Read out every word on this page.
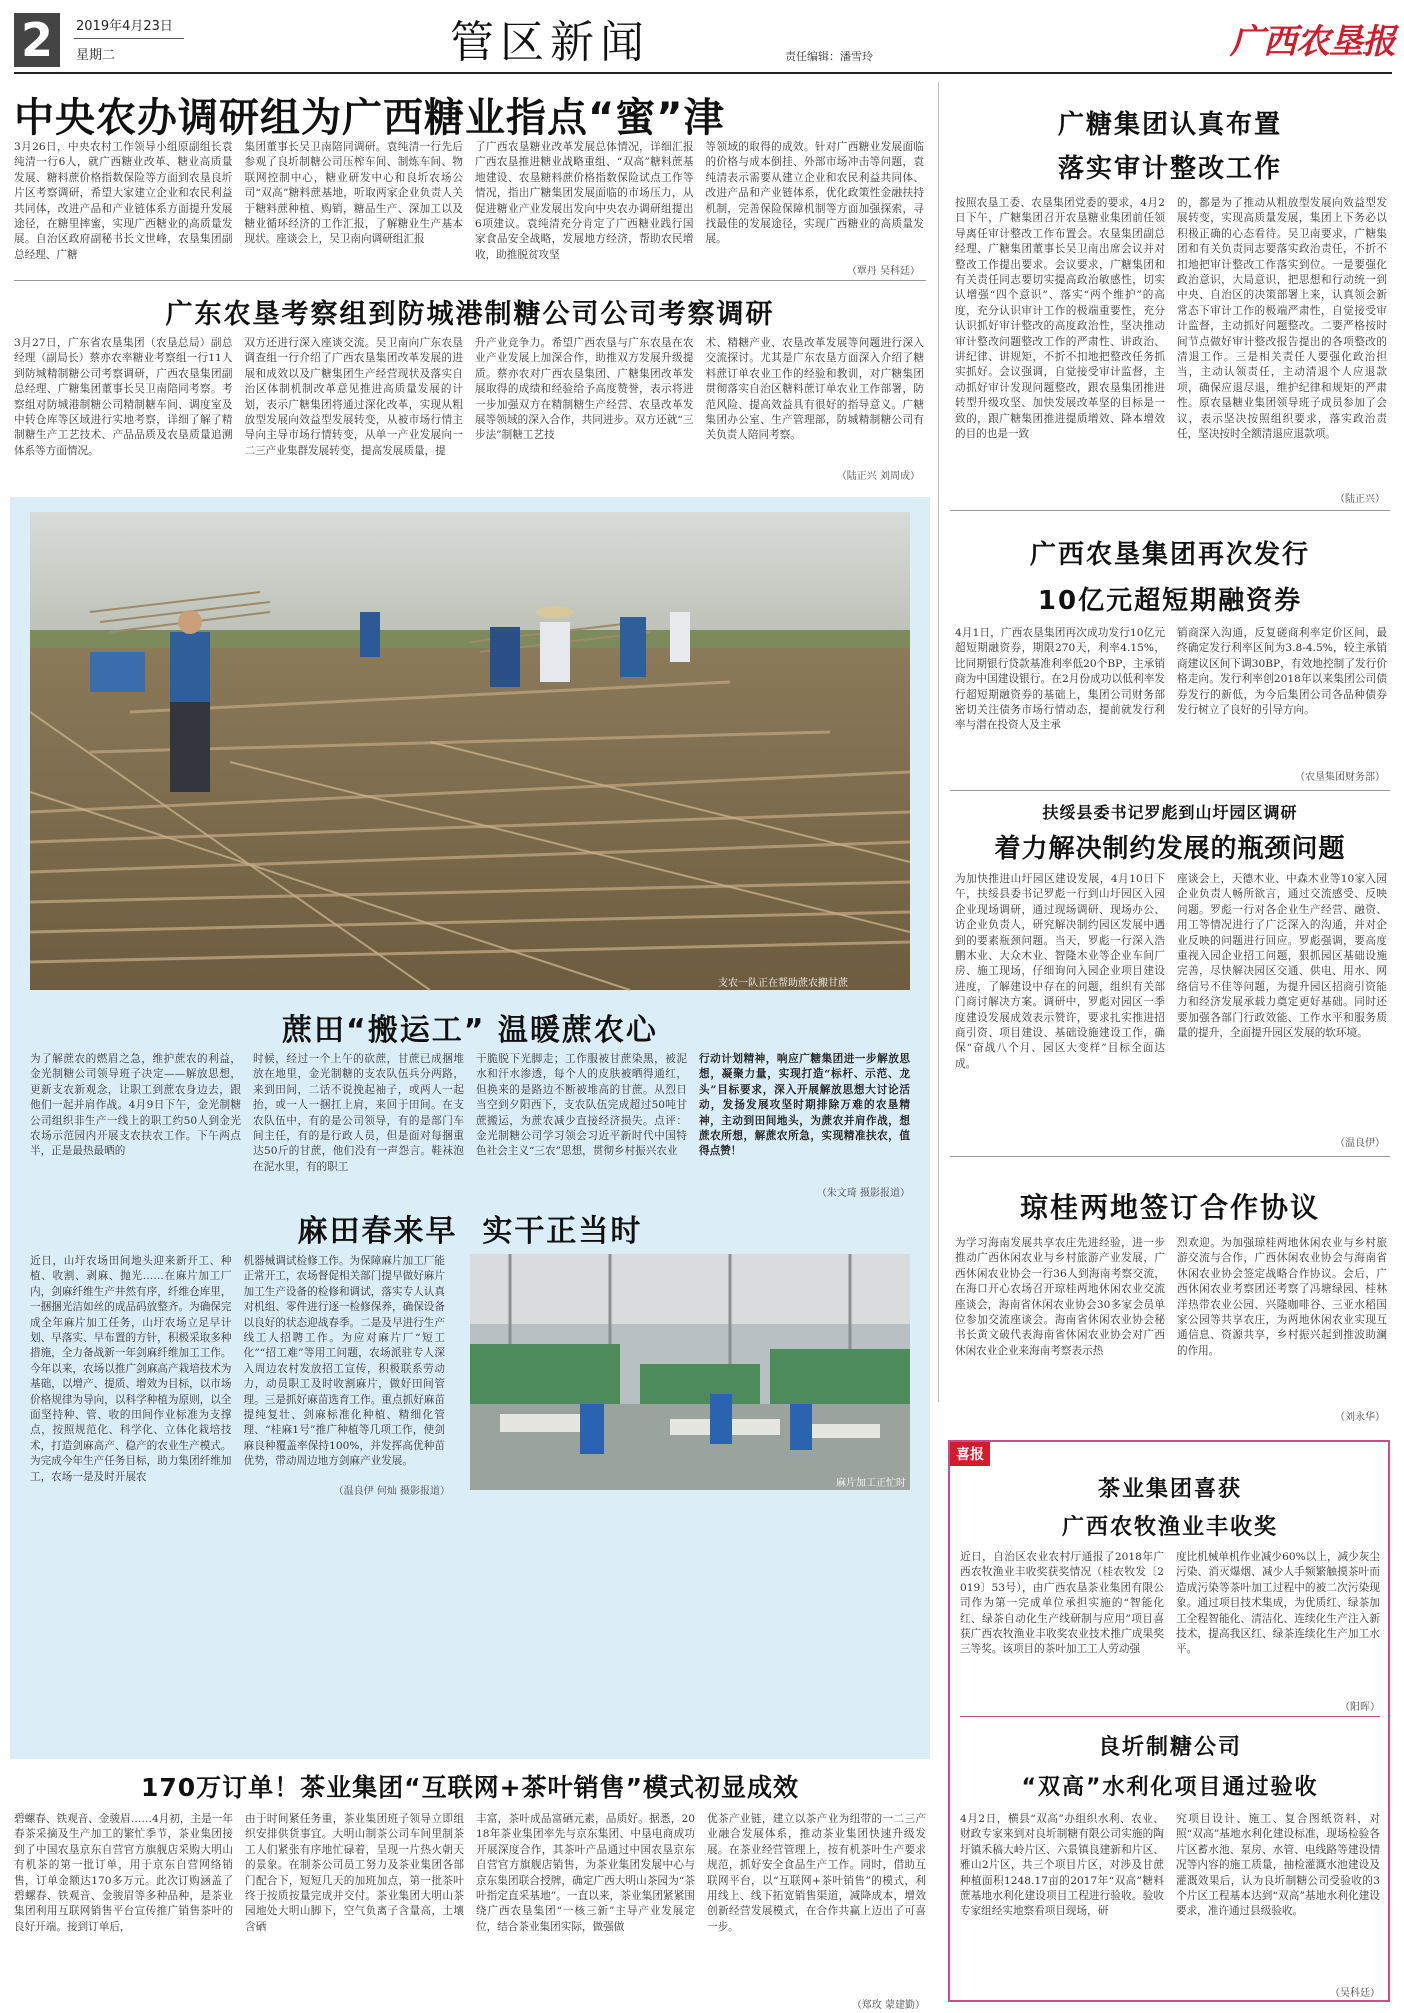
2	2019年4月23日
星期二	管区新闻	责任编辑：潘雪玲	广西农垦报
中央农办调研组为广西糖业指点“蜜”津

3月26日，中央农村工作领导小组原副组长袁纯清一行6人，就广西糖业改革、糖业高质量发展、糖料蔗价格指数保险等方面到农垦良圻片区考察调研，希望大家建立企业和农民利益共同体，改进产品和产业链体系方面提升发展途径，在糖里摔蜜，实现广西糖业的高质量发展。自治区政府副秘书长文世峰，农垦集团副总经理、广糖

集团董事长吴卫南陪同调研。袁纯清一行先后参观了良圻制糖公司压榨车间、制炼车间、物联网控制中心，糖业研发中心和良圻农场公司“双高”糖料蔗基地，听取两家企业负责人关于糖料蔗种植、购销，糖品生产、深加工以及糖业循环经济的工作汇报，了解糖业生产基本现状。座谈会上，吴卫南向调研组汇报

了广西农垦糖业改革发展总体情况，详细汇报广西农垦推进糖业战略重组、“双高”糖料蔗基地建设、农垦糖料蔗价格指数保险试点工作等情况，指出广糖集团发展面临的市场压力，从促进糖业产业发展出发向中央农办调研组提出6项建议。袁纯清充分肯定了广西糖业践行国家食品安全战略，发展地方经济，帮助农民增收，助推脱贫攻坚

等领域的取得的成效。针对广西糖业发展面临的价格与成本倒挂、外部市场冲击等问题，袁纯清表示需要从建立企业和农民利益共同体、改进产品和产业链体系，优化政策性金融扶持机制，完善保险保障机制等方面加强探索，寻找最佳的发展途径，实现广西糖业的高质量发展。

（覃丹 吴科廷）
广东农垦考察组到防城港制糖公司公司考察调研

3月27日，广东省农垦集团（农垦总局）副总经理（副局长）蔡亦农率糖业考察组一行11人到防城精制糖公司考察调研，广西农垦集团副总经理、广糖集团董事长吴卫南陪同考察。考察组对防城港制糖公司精制糖车间、调度室及中转仓库等区域进行实地考察，详细了解了精制糖生产工艺技术、产品品质及农垦质量追溯体系等方面情况。

双方还进行深入座谈交流。吴卫南向广东农垦调查组一行介绍了广西农垦集团改革发展的进展和成效以及广糖集团生产经营现状及落实自治区体制机制改革意见推进高质量发展的计划，表示广糖集团将通过深化改革，实现从粗放型发展向效益型发展转变，从被市场行情主导向主导市场行情转变，从单一产业发展向一二三产业集群发展转变，提高发展质量，提

升产业竞争力。希望广西农垦与广东农垦在农业产业发展上加深合作，助推双方发展升级提质。蔡亦农对广西农垦集团、广糖集团改革发展取得的成绩和经验给予高度赞誉，表示将进一步加强双方在精制糖生产经营、农垦改革发展等领域的深入合作，共同进步。双方还就“三步法”制糖工艺技

术、精糖产业、农垦改革发展等问题进行深入交流探讨。尤其是广东农垦方面深入介绍了糖料蔗订单农业工作的经验和教训，对广糖集团贯彻落实自治区糖料蔗订单农业工作部署，防范风险、提高效益具有很好的指导意义。广糖集团办公室、生产管理部，防城精制糖公司有关负责人陪同考察。

（陆正兴 刘周成）
支农一队正在帮助蔗农搬甘蔗
蔗田“搬运工” 温暖蔗农心

为了解蔗农的燃眉之急，维护蔗农的利益，金光制糖公司领导班子决定——解放思想，更新支农新观念，让职工到蔗农身边去，跟他们一起并肩作战。4月9日下午，金光制糖公司组织非生产一线上的职工约50人到金光农场示范园内开展支农扶农工作。下午两点半，正是最热最晒的

时候，经过一个上午的砍蔗，甘蔗已成捆堆放在地里，金光制糖的支农队伍兵分两路，来到田间，二话不说挽起袖子，或两人一起抬，或一人一捆扛上肩，来回于田间。在支农队伍中，有的是公司领导，有的是部门车间主任，有的是行政人员，但是面对每捆重达50斤的甘蔗，他们没有一声怨言。鞋袜泡在泥水里，有的职工

干脆脱下光脚走；工作服被甘蔗染黑，被泥水和汗水渗透，每个人的皮肤被晒得通红，但换来的是路边不断被堆高的甘蔗。从烈日当空到夕阳西下，支农队伍完成超过50吨甘蔗搬运，为蔗农减少直接经济损失。点评：金光制糖公司学习领会习近平新时代中国特色社会主义“三农”思想，贯彻乡村振兴农业

行动计划精神，响应广糖集团进一步解放思想，凝聚力量，实现打造“标杆、示范、龙头”目标要求，深入开展解放思想大讨论活动，发扬发展攻坚时期排除万难的农垦精神，主动到田间地头，为蔗农并肩作战，想蔗农所想，解蔗农所急，实现精准扶农，值得点赞！

（朱文琦 摄影报道）
麻田春来早  实干正当时

近日，山圩农场田间地头迎来新开工、种植、收割、剥麻、抛光……在麻片加工厂内，剑麻纤维生产井然有序，纤维仓库里，一捆捆光洁如丝的成品码放整齐。为确保完成全年麻片加工任务，山圩农场立足早计划、早落实、早布置的方针，积极采取多种措施，全力备战新一年剑麻纤维加工工作。今年以来，农场以推广剑麻高产栽培技术为基础，以增产、提质、增效为目标，以市场价格规律为导向，以科学种植为原则，以全面坚持种、管、收的田间作业标准为支撑点，按照规范化、科学化、立体化栽培技术，打造剑麻高产、稳产的农业生产模式。为完成今年生产任务目标，助力集团纤维加工，农场一是及时开展农

机器械调试检修工作。为保障麻片加工厂能正常开工，农场督促相关部门提早做好麻片加工生产设备的检修和调试，落实专人认真对机组、零件进行逐一检修保养，确保设备以良好的状态迎战春季。二是及早进行生产线工人招聘工作。为应对麻片厂“短工化”“招工难”等用工问题，农场派驻专人深入周边农村发放招工宣传，积极联系劳动力，动员职工及时收割麻片，做好田间管理。三是抓好麻苗选育工作。重点抓好麻苗提纯复壮、剑麻标准化种植、精细化管理、“桂麻1号”推广种植等几项工作，使剑麻良种覆盖率保持100%，并发挥高优种苗优势，带动周边地方剑麻产业发展。

（温良伊 何灿 摄影报道）
麻片加工正忙时
170万订单！茶业集团“互联网+茶叶销售”模式初显成效

碧螺春、铁观音、金骏眉……4月初，主是一年春茶采摘及生产加工的繁忙季节，茶业集团接到了中国农垦京东自营官方旗舰店采购大明山有机茶的第一批订单，用于京东自营网络销售，订单金额达170多万元。此次订购涵盖了碧螺春、铁观音、金骏眉等多种品种，是茶业集团利用互联网销售平台宣传推广销售茶叶的良好开端。接到订单后，

由于时间紧任务重，茶业集团班子领导立即组织安排供货事宜。大明山制茶公司车间里制茶工人们紧张有序地忙碌着，呈现一片热火朝天的景象。在制茶公司员工努力及茶业集团各部门配合下，短短几天的加班加点，第一批茶叶终于按质按量完成并交付。茶业集团大明山茶园地处大明山脚下，空气负离子含量高，土壤含硒

丰富，茶叶成品富硒元素，品质好。据悉，2018年茶业集团率先与京东集团、中垦电商成功开展深度合作，其茶叶产品通过中国农垦京东自营官方旗舰店销售，为茶业集团发展中心与京东集团联合授牌，确定广西大明山茶园为“茶叶指定直采基地”。一直以来，茶业集团紧紧围绕广西农垦集团“一核三新”主导产业发展定位，结合茶业集团实际，做强做

优茶产业链，建立以茶产业为纽带的一二三产业融合发展体系，推动茶业集团快速升级发展。在茶业经营管理上，按有机茶叶生产要求规范，抓好安全食品生产工作。同时，借助互联网平台，以“互联网+茶叶销售”的模式，利用线上、线下拓宽销售渠道，减降成本，增效创新经营发展模式，在合作共赢上迈出了可喜一步。

（郑玫 蒙建勤）
广糖集团认真布置
落实审计整改工作

按照农垦工委、农垦集团党委的要求，4月2日下午，广糖集团召开农垦糖业集团前任领导离任审计整改工作布置会。农垦集团副总经理、广糖集团董事长吴卫南出席会议并对整改工作提出要求。会议要求，广糖集团和有关责任同志要切实提高政治敏感性，切实认增强“四个意识”、落实“两个维护”的高度，充分认识审计工作的极端重要性，充分认识抓好审计整改的高度政治性，坚决推动审计整改问题整改工作的严肃性、讲政治、讲纪律、讲规矩，不折不扣地把整改任务抓实抓好。会议强调，自觉接受审计监督，主动抓好审计发现问题整改，跟农垦集团推进转型升级攻坚、加快发展改革坚的目标是一致的，跟广糖集团推进提质增效、降本增效的目的也是一致

的，都是为了推动从粗放型发展向效益型发展转变，实现高质量发展，集团上下务必以积极正确的心态看待。吴卫南要求，广糖集团和有关负责同志要落实政治责任，不折不扣地把审计整改工作落实到位。一是要强化政治意识，大局意识，把思想和行动统一到中央、自治区的决策部署上来，认真领会新常态下审计工作的极端严肃性，自觉接受审计监督，主动抓好问题整改。二要严格按时间节点做好审计整改报告提出的各项整改的清退工作。三是相关责任人要强化政治担当，主动认领责任，主动清退个人应退款项，确保应退尽退，维护纪律和规矩的严肃性。原农垦糖业集团领导班子成员参加了会议，表示坚决按照组织要求，落实政治责任，坚决按时全额清退应退款项。

（陆正兴）
广西农垦集团再次发行
10亿元超短期融资券

4月1日，广西农垦集团再次成功发行10亿元超短期融资券，期限270天，利率4.15%，比同期银行贷款基准利率低20个BP，主承销商为中国建设银行。在2月份成功以低利率发行超短期融资券的基础上，集团公司财务部密切关注债务市场行情动态，提前就发行利率与潜在投资人及主承

销商深入沟通，反复磋商利率定价区间，最终确定发行利率区间为3.8-4.5%，较主承销商建议区间下调30BP，有效地控制了发行价格走向。发行利率创2018年以来集团公司债券发行的新低，为今后集团公司各品种债券发行树立了良好的引导方向。

（农垦集团财务部）
扶绥县委书记罗彪到山圩园区调研
着力解决制约发展的瓶颈问题

为加快推进山圩园区建设发展，4月10日下午，扶绥县委书记罗彪一行到山圩园区入园企业现场调研，通过现场调研、现场办公、访企业负责人，研究解决制约园区发展中遇到的要素瓶颈问题。当天，罗彪一行深入浩鹏木业、大众木业、智隆木业等企业车间厂房、施工现场，仔细询问入园企业项目建设进度，了解建设中存在的问题，组织有关部门商讨解决方案。调研中，罗彪对园区一季度建设发展成效表示赞许，要求扎实推进招商引资、项目建设、基础设施建设工作，确保“奋战八个月、园区大变样”目标全面达成。

座谈会上，天德木业、中森木业等10家入园企业负责人畅所欲言，通过交流感受、反映问题。罗彪一行对各企业生产经营、融资、用工等情况进行了广泛深入的沟通，并对企业反映的问题进行回应。罗彪强调，要高度重视入园企业招工问题，狠抓园区基础设施完善，尽快解决园区交通、供电、用水、网络信号不佳等问题，为提升园区招商引资能力和经济发展承载力奠定更好基础。同时还要加强各部门行政效能、工作水平和服务质量的提升，全面提升园区发展的软环境。

（温良伊）
琼桂两地签订合作协议

为学习海南发展共享农庄先进经验，进一步推动广西休闲农业与乡村旅游产业发展，广西休闲农业协会一行36人到海南考察交流，在海口开心农场召开琼桂两地休闲农业交流座谈会，海南省休闲农业协会30多家会员单位参加交流座谈会。海南省休闲农业协会秘书长黄文破代表海南省休闲农业协会对广西休闲农业企业来海南考察表示热

烈欢迎。为加强琼桂两地休闲农业与乡村旅游交流与合作，广西休闲农业协会与海南省休闲农业协会签定战略合作协议。会后，广西休闲农业考察团还考察了冯塘绿园、桂林洋热带农业公园、兴隆咖啡谷、三亚水稻国家公园等共享农庄，为两地休闲农业实现互通信息、资源共享，乡村振兴起到推波助澜的作用。

（刘永华）
喜报
茶业集团喜获
广西农牧渔业丰收奖

近日，自治区农业农村厅通报了2018年广西农牧渔业丰收奖获奖情况（桂农牧发〔2019〕53号），由广西农垦茶业集团有限公司作为第一完成单位承担实施的“智能化红、绿茶自动化生产线研制与应用”项目喜获广西农牧渔业丰收奖农业技术推广成果奖三等奖。该项目的茶叶加工工人劳动强

度比机械单机作业减少60%以上，减少灰尘污染、消灭爆烟、减少人手频繁触摸茶叶而造成污染等茶叶加工过程中的被二次污染现象。通过项目技术集成，为优质红、绿茶加工全程智能化、清洁化、连续化生产注入新技术，提高我区红、绿茶连续化生产加工水平。

（阳晖）
良圻制糖公司
“双高”水利化项目通过验收

4月2日，横县“双高”办组织水利、农业、财政专家来到对良圻制糖有限公司实施的陶圩镇禾稿大岭片区、六景镇良建新和片区、雅山2片区，共三个项目片区，对涉及甘蔗种植面积1248.17亩的2017年“双高”糖料蔗基地水利化建设项目工程进行验收。验收专家组经实地察看项目现场，研

究项目设计、施工、复合图纸资料，对照“双高”基地水利化建设标准，现场检验各片区蓄水池、泵房、水管、电线路等建设情况等内容的施工质量，抽检灌溉水池建设及灌溉效果后，认为良圻制糖公司受验收的3个片区工程基本达到“双高”基地水利化建设要求，准许通过县级验收。

（吴科廷）
